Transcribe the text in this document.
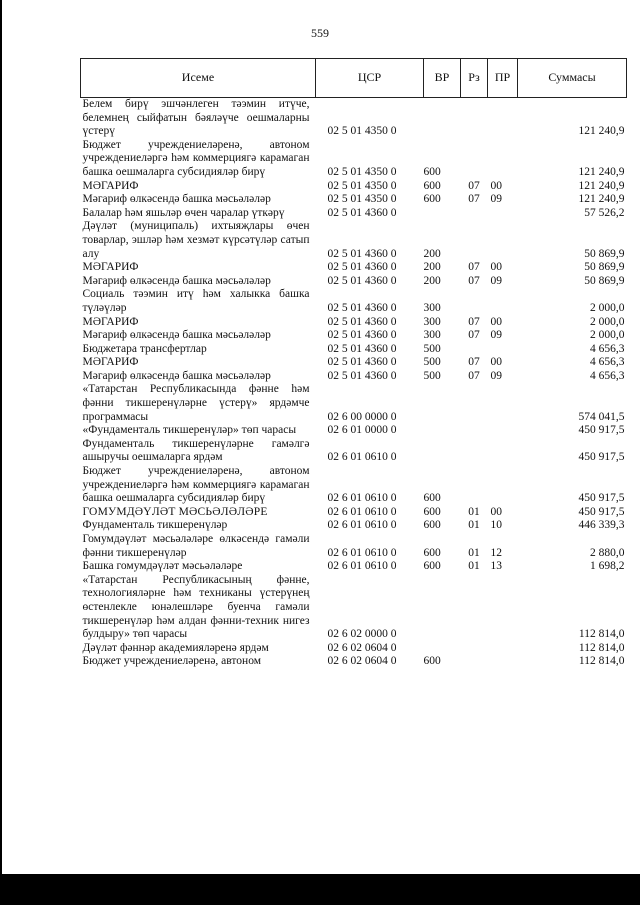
559
Исеме	ЦСР	ВР	Рз	ПР	Суммасы
Белем бирү эшчәнлеген тәэмин итүче, белемнең сыйфатын бәяләүче оешмаларны үстерү	02 5 01 4350 0				121 240,9
Бюджет учреждениеләренә, автоном учреждениеләргә һәм коммерциягә карамаган башка оешмаларга субсидияләр бирү	02 5 01 4350 0	600			121 240,9
МӘГАРИФ	02 5 01 4350 0	600	07	00	121 240,9
Мәгариф өлкәсендә башка мәсьәләләр	02 5 01 4350 0	600	07	09	121 240,9
Балалар һәм яшьләр өчен чаралар үткәрү	02 5 01 4360 0				57 526,2
Дәүләт (муниципаль) ихтыяҗлары өчен товарлар, эшләр һәм хезмәт күрсәтүләр сатып алу	02 5 01 4360 0	200			50 869,9
МӘГАРИФ	02 5 01 4360 0	200	07	00	50 869,9
Мәгариф өлкәсендә башка мәсьәләләр	02 5 01 4360 0	200	07	09	50 869,9
Социаль тәэмин итү һәм халыкка башка түләүләр	02 5 01 4360 0	300			2 000,0
МӘГАРИФ	02 5 01 4360 0	300	07	00	2 000,0
Мәгариф өлкәсендә башка мәсьәләләр	02 5 01 4360 0	300	07	09	2 000,0
Бюджетара трансфертлар	02 5 01 4360 0	500			4 656,3
МӘГАРИФ	02 5 01 4360 0	500	07	00	4 656,3
Мәгариф өлкәсендә башка мәсьәләләр	02 5 01 4360 0	500	07	09	4 656,3
«Татарстан Республикасында фәнне һәм фәнни тикшеренүләрне үстерү» ярдәмче программасы	02 6 00 0000 0				574 041,5
«Фундаменталь тикшеренүләр» төп чарасы	02 6 01 0000 0				450 917,5
Фундаменталь тикшеренүләрне гамәлгә ашыручы оешмаларга ярдәм	02 6 01 0610 0				450 917,5
Бюджет учреждениеләренә, автоном учреждениеләргә һәм коммерциягә карамаган башка оешмаларга субсидияләр бирү	02 6 01 0610 0	600			450 917,5
ГОМУМДӘҮЛӘТ МӘСЬӘЛӘЛӘРЕ	02 6 01 0610 0	600	01	00	450 917,5
Фундаменталь тикшеренүләр	02 6 01 0610 0	600	01	10	446 339,3
Гомумдәүләт мәсьәләләре өлкәсендә гамәли фәнни тикшеренүләр	02 6 01 0610 0	600	01	12	2 880,0
Башка гомумдәүләт мәсьәләләре	02 6 01 0610 0	600	01	13	1 698,2
«Татарстан Республикасының фәнне, технологияләрне һәм техниканы үстерүнең өстенлекле юнәлешләре буенча гамәли тикшеренүләр һәм алдан фәнни-техник нигез булдыру» төп чарасы	02 6 02 0000 0				112 814,0
Дәүләт фәннәр академияләренә ярдәм	02 6 02 0604 0				112 814,0
Бюджет учреждениеләренә, автоном	02 6 02 0604 0	600			112 814,0
